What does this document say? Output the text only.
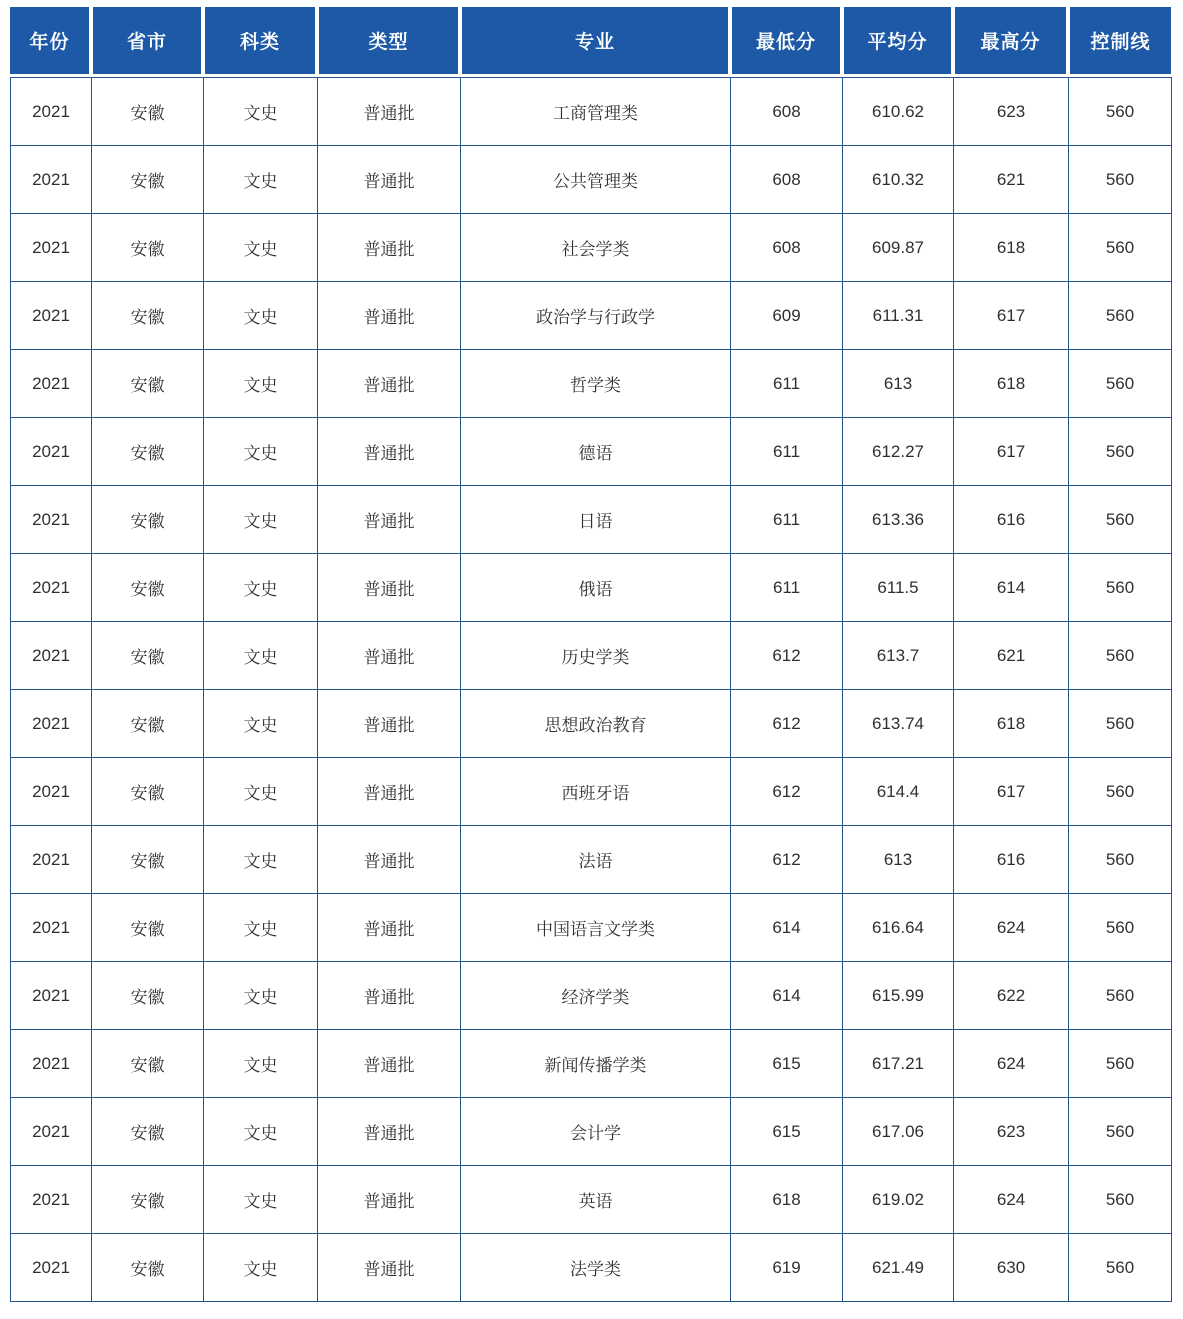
年份	省市	科类	类型	专业	最低分	平均分	最高分	控制线
2021	安徽	文史	普通批	工商管理类	608	610.62	623	560
2021	安徽	文史	普通批	公共管理类	608	610.32	621	560
2021	安徽	文史	普通批	社会学类	608	609.87	618	560
2021	安徽	文史	普通批	政治学与行政学	609	611.31	617	560
2021	安徽	文史	普通批	哲学类	611	613	618	560
2021	安徽	文史	普通批	德语	611	612.27	617	560
2021	安徽	文史	普通批	日语	611	613.36	616	560
2021	安徽	文史	普通批	俄语	611	611.5	614	560
2021	安徽	文史	普通批	历史学类	612	613.7	621	560
2021	安徽	文史	普通批	思想政治教育	612	613.74	618	560
2021	安徽	文史	普通批	西班牙语	612	614.4	617	560
2021	安徽	文史	普通批	法语	612	613	616	560
2021	安徽	文史	普通批	中国语言文学类	614	616.64	624	560
2021	安徽	文史	普通批	经济学类	614	615.99	622	560
2021	安徽	文史	普通批	新闻传播学类	615	617.21	624	560
2021	安徽	文史	普通批	会计学	615	617.06	623	560
2021	安徽	文史	普通批	英语	618	619.02	624	560
2021	安徽	文史	普通批	法学类	619	621.49	630	560
